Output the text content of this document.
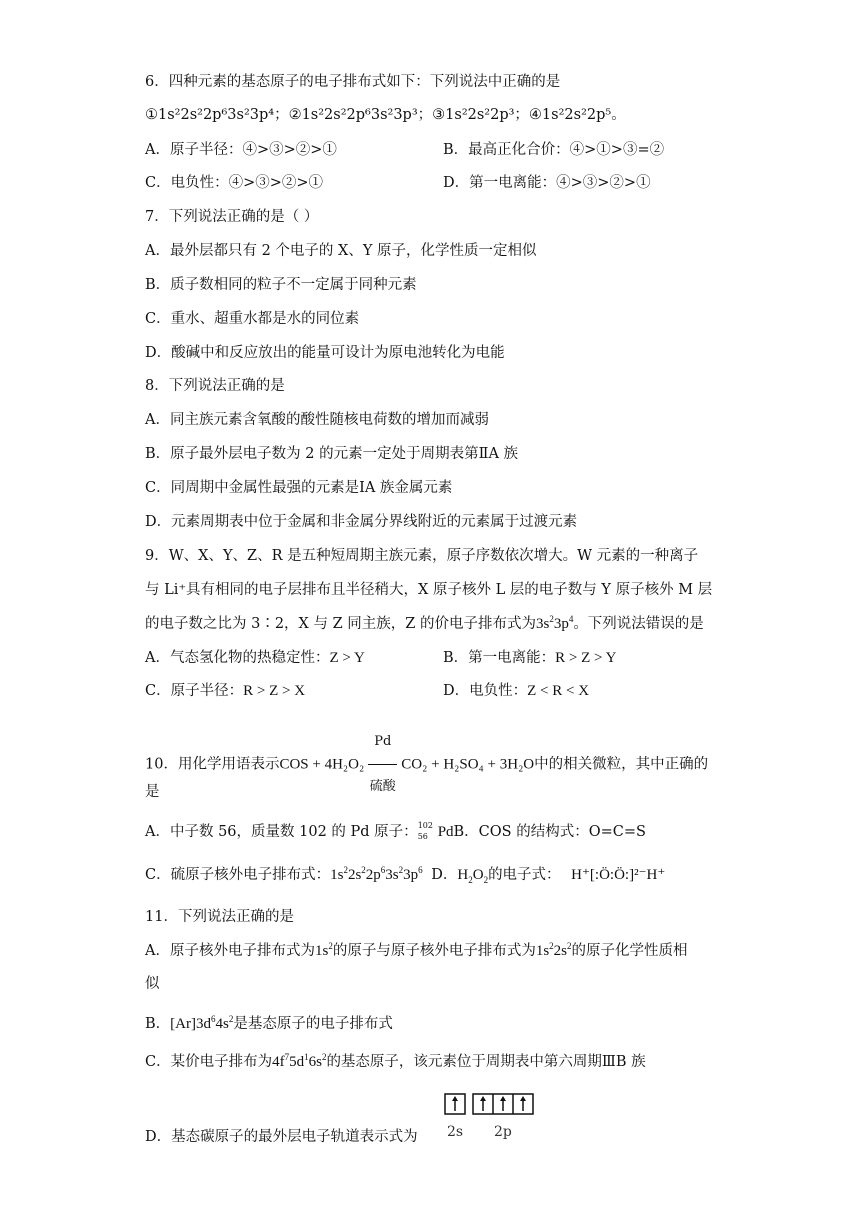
6．四种元素的基态原子的电子排布式如下：下列说法中正确的是
①1s²2s²2p⁶3s²3p⁴；②1s²2s²2p⁶3s²3p³；③1s²2s²2p³；④1s²2s²2p⁵。
A．原子半径：④>③>②>①	B．最高正化合价：④>①>③=②
C．电负性：④>③>②>①	D．第一电离能：④>③>②>①
7．下列说法正确的是（ ）
A．最外层都只有 2 个电子的 X、Y 原子，化学性质一定相似
B．质子数相同的粒子不一定属于同种元素
C．重水、超重水都是水的同位素
D．酸碱中和反应放出的能量可设计为原电池转化为电能
8．下列说法正确的是
A．同主族元素含氧酸的酸性随核电荷数的增加而减弱
B．原子最外层电子数为 2 的元素一定处于周期表第ⅡA 族
C．同周期中金属性最强的元素是ⅠA 族金属元素
D．元素周期表中位于金属和非金属分界线附近的元素属于过渡元素
9．W、X、Y、Z、R 是五种短周期主族元素，原子序数依次增大。W 元素的一种离子
与 Li⁺具有相同的电子层排布且半径稍大，X 原子核外 L 层的电子数与 Y 原子核外 M 层
的电子数之比为 3∶2，X 与 Z 同主族，Z 的价电子排布式为$3s^23p^4$。下列说法错误的是
A．气态氢化物的热稳定性：Z > Y	B．第一电离能：R > Z > Y
C．原子半径：R > Z > X	D．电负性：Z < R < X
10．用化学用语表示COS + $4H_2O_2 \frac{Pd}{\text{硫酸}} CO_2 + H_2SO_4 + 3H_2O$中的相关微粒，其中正确的
是
A．中子数 56，质量数 102 的 Pd 原子： 102
56 PdB．COS 的结构式：O=C=S
C．硫原子核外电子排布式：$1s^22s^22p^63s^23p^6$ D．$H_2O_2$的电子式： H⁺[:Ö:Ö:]²⁻H⁺
11．下列说法正确的是
A．原子核外电子排布式为$1s^2$的原子与原子核外电子排布式为$1s^22s^2$的原子化学性质相
似
B．$[Ar]3d^64s^2$是基态原子的电子排布式
C．某价电子排布为$4f^75d^16s^2$的基态原子，该元素位于周期表中第六周期ⅢB 族
D．基态碳原子的最外层电子轨道表示式为 2s 2p
